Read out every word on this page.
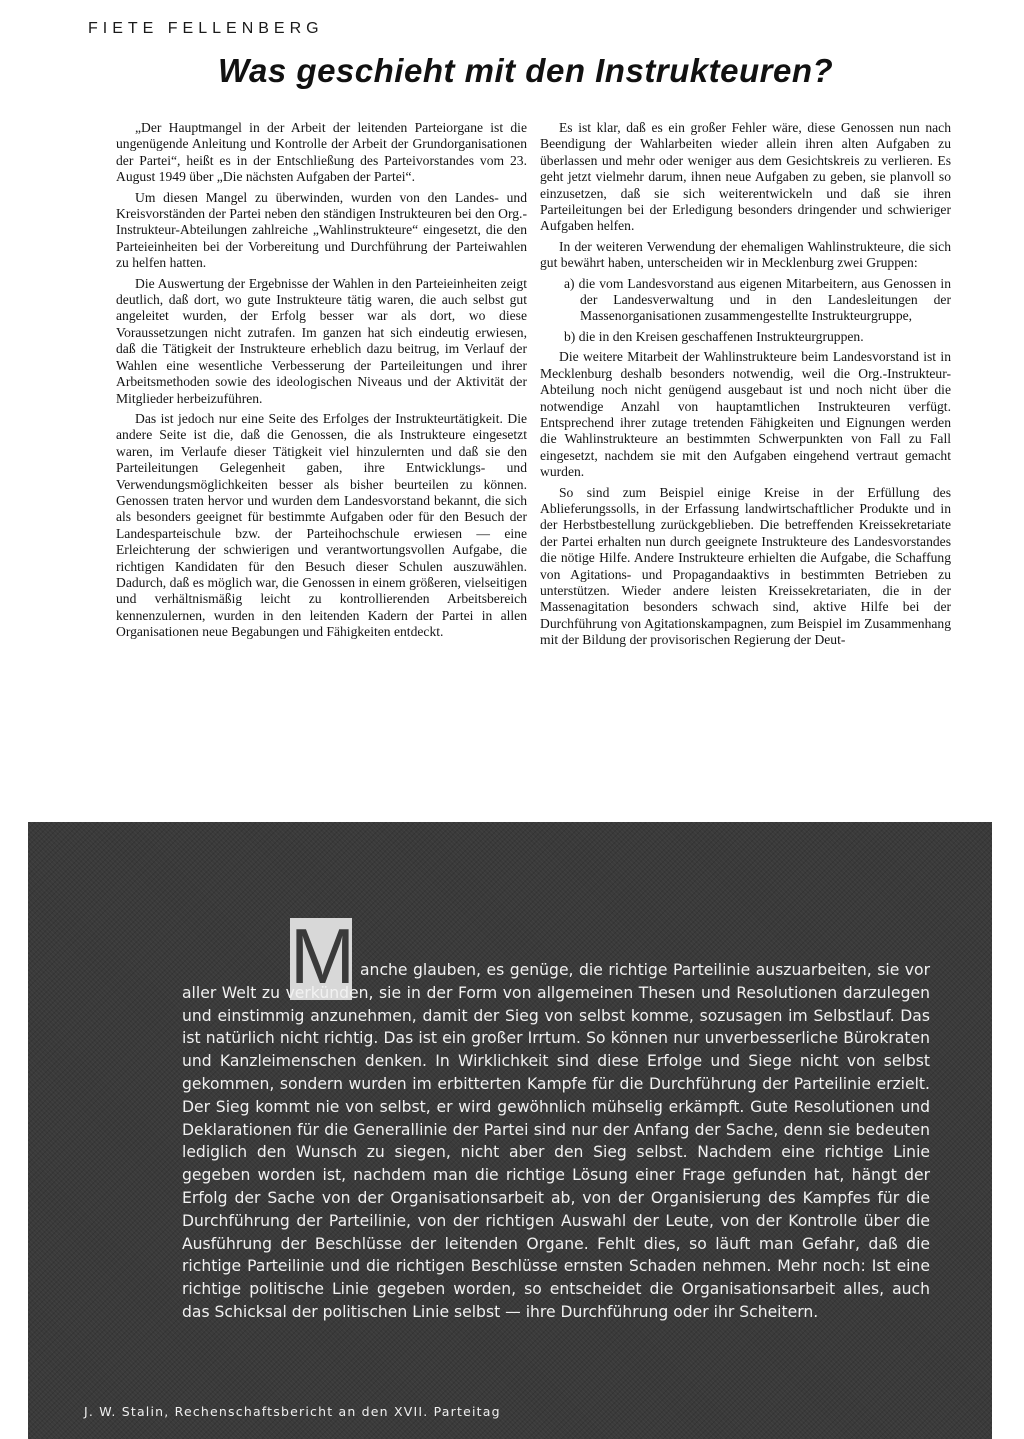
FIETE FELLENBERG
Was geschieht mit den Instrukteuren?

„Der Hauptmangel in der Arbeit der leitenden Parteiorgane ist die ungenügende Anleitung und Kontrolle der Arbeit der Grundorganisationen der Partei“, heißt es in der Entschließung des Parteivorstandes vom 23. August 1949 über „Die nächsten Aufgaben der Partei“.

Um diesen Mangel zu überwinden, wurden von den Landes- und Kreisvorständen der Partei neben den ständigen Instrukteuren bei den Org.-Instrukteur-Abteilungen zahlreiche „Wahlinstrukteure“ eingesetzt, die den Parteieinheiten bei der Vorbereitung und Durchführung der Parteiwahlen zu helfen hatten.

Die Auswertung der Ergebnisse der Wahlen in den Parteieinheiten zeigt deutlich, daß dort, wo gute Instrukteure tätig waren, die auch selbst gut angeleitet wurden, der Erfolg besser war als dort, wo diese Voraussetzungen nicht zutrafen. Im ganzen hat sich eindeutig erwiesen, daß die Tätigkeit der Instrukteure erheblich dazu beitrug, im Verlauf der Wahlen eine wesentliche Verbesserung der Parteileitungen und ihrer Arbeitsmethoden sowie des ideologischen Niveaus und der Aktivität der Mitglieder herbeizuführen.

Das ist jedoch nur eine Seite des Erfolges der Instrukteurtätigkeit. Die andere Seite ist die, daß die Genossen, die als Instrukteure eingesetzt waren, im Verlaufe dieser Tätigkeit viel hinzulernten und daß sie den Parteileitungen Gelegenheit gaben, ihre Entwicklungs- und Verwendungsmöglichkeiten besser als bisher beurteilen zu können. Genossen traten hervor und wurden dem Landesvorstand bekannt, die sich als besonders geeignet für bestimmte Aufgaben oder für den Besuch der Landesparteischule bzw. der Parteihochschule erwiesen — eine Erleichterung der schwierigen und verantwortungsvollen Aufgabe, die richtigen Kandidaten für den Besuch dieser Schulen auszuwählen. Dadurch, daß es möglich war, die Genossen in einem größeren, vielseitigen und verhältnismäßig leicht zu kontrollierenden Arbeitsbereich kennenzulernen, wurden in den leitenden Kadern der Partei in allen Organisationen neue Begabungen und Fähigkeiten entdeckt.

Es ist klar, daß es ein großer Fehler wäre, diese Genossen nun nach Beendigung der Wahlarbeiten wieder allein ihren alten Aufgaben zu überlassen und mehr oder weniger aus dem Gesichtskreis zu verlieren. Es geht jetzt vielmehr darum, ihnen neue Aufgaben zu geben, sie planvoll so einzusetzen, daß sie sich weiterentwickeln und daß sie ihren Parteileitungen bei der Erledigung besonders dringender und schwieriger Aufgaben helfen.

In der weiteren Verwendung der ehemaligen Wahlinstrukteure, die sich gut bewährt haben, unterscheiden wir in Mecklenburg zwei Gruppen:

a) die vom Landesvorstand aus eigenen Mitarbeitern, aus Genossen in der Landesverwaltung und in den Landesleitungen der Massenorganisationen zusammengestellte Instrukteurgruppe,

b) die in den Kreisen geschaffenen Instrukteurgruppen.

Die weitere Mitarbeit der Wahlinstrukteure beim Landesvorstand ist in Mecklenburg deshalb besonders notwendig, weil die Org.-Instrukteur-Abteilung noch nicht genügend ausgebaut ist und noch nicht über die notwendige Anzahl von hauptamtlichen Instrukteuren verfügt. Entsprechend ihrer zutage tretenden Fähigkeiten und Eignungen werden die Wahlinstrukteure an bestimmten Schwerpunkten von Fall zu Fall eingesetzt, nachdem sie mit den Aufgaben eingehend vertraut gemacht wurden.

So sind zum Beispiel einige Kreise in der Erfüllung des Ablieferungssolls, in der Erfassung landwirtschaftlicher Produkte und in der Herbstbestellung zurückgeblieben. Die betreffenden Kreissekretariate der Partei erhalten nun durch geeignete Instrukteure des Landesvorstandes die nötige Hilfe. Andere Instrukteure erhielten die Aufgabe, die Schaffung von Agitations- und Propagandaaktivs in bestimmten Betrieben zu unterstützen. Wieder andere leisten Kreissekretariaten, die in der Massenagitation besonders schwach sind, aktive Hilfe bei der Durchführung von Agitationskampagnen, zum Beispiel im Zusammenhang mit der Bildung der provisorischen Regierung der Deut-

M anche glauben, es genüge, die richtige Parteilinie auszuarbeiten, sie vor aller Welt zu verkünden, sie in der Form von allgemeinen Thesen und Resolutionen darzulegen und einstimmig anzunehmen, damit der Sieg von selbst komme, sozusagen im Selbstlauf. Das ist natürlich nicht richtig. Das ist ein großer Irrtum. So können nur unverbesserliche Bürokraten und Kanzleimenschen denken. In Wirklichkeit sind diese Erfolge und Siege nicht von selbst gekommen, sondern wurden im erbitterten Kampfe für die Durchführung der Parteilinie erzielt. Der Sieg kommt nie von selbst, er wird gewöhnlich mühselig erkämpft. Gute Resolutionen und Deklarationen für die Generallinie der Partei sind nur der Anfang der Sache, denn sie bedeuten lediglich den Wunsch zu siegen, nicht aber den Sieg selbst. Nachdem eine richtige Linie gegeben worden ist, nachdem man die richtige Lösung einer Frage gefunden hat, hängt der Erfolg der Sache von der Organisationsarbeit ab, von der Organisierung des Kampfes für die Durchführung der Parteilinie, von der richtigen Auswahl der Leute, von der Kontrolle über die Ausführung der Beschlüsse der leitenden Organe. Fehlt dies, so läuft man Gefahr, daß die richtige Parteilinie und die richtigen Beschlüsse ernsten Schaden nehmen. Mehr noch: Ist eine richtige politische Linie gegeben worden, so entscheidet die Organisationsarbeit alles, auch das Schicksal der politischen Linie selbst — ihre Durchführung oder ihr Scheitern.
J. W. Stalin, Rechenschaftsbericht an den XVII. Parteitag
